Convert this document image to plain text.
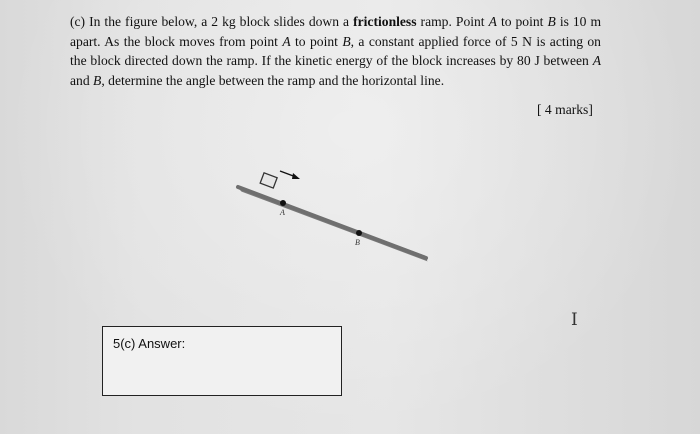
(c) In the figure below, a 2 kg block slides down a frictionless ramp. Point A to point B is 10 m apart. As the block moves from point A to point B, a constant applied force of 5 N is acting on the block directed down the ramp. If the kinetic energy of the block increases by 80 J between A and B, determine the angle between the ramp and the horizontal line.

[ 4 marks]
A
B
5(c) Answer:
I
